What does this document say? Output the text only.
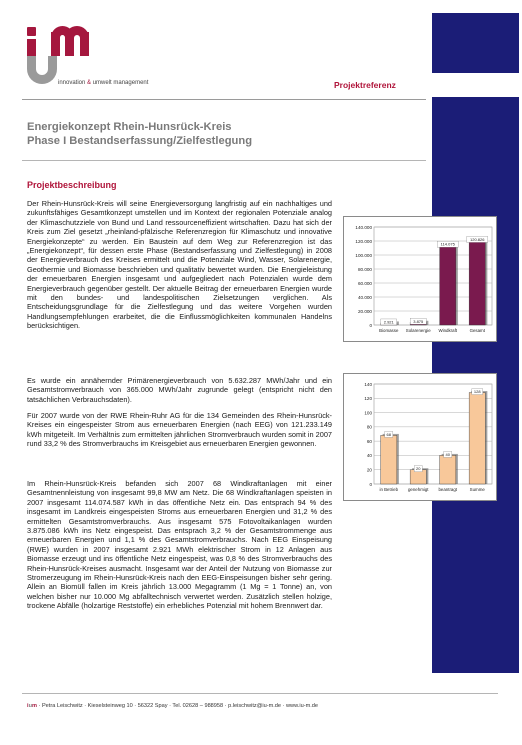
innovation & umwelt management	Projektreferenz
Energiekonzept Rhein-Hunsrück-Kreis
Phase I Bestandserfassung/Zielfestlegung
Projektbeschreibung

Der Rhein-Hunsrück-Kreis will seine Energieversorgung langfristig auf ein nachhaltiges und zukunftsfähiges Gesamtkonzept umstellen und im Kontext der regionalen Potenziale analog der Klimaschutzziele von Bund und Land ressourceneffizient wirtschaften. Dazu hat sich der Kreis zum Ziel gesetzt „rheinland-pfälzische Referenzregion für Klimaschutz und innovative Energiekonzepte“ zu werden. Ein Baustein auf dem Weg zur Referenzregion ist das „Energiekonzept“, für dessen erste Phase (Bestandserfassung und Zielfestlegung) in 2008 der Energieverbrauch des Kreises ermittelt und die Potenziale Wind, Wasser, Solarenergie, Geothermie und Biomasse beschrieben und qualitativ bewertet wurden. Die Energieleistung der erneuerbaren Energien insgesamt und aufgegliedert nach Potenzialen wurde dem Energieverbrauch gegenüber gestellt. Der aktuelle Beitrag der erneuerbaren Energien wurde mit den bundes- und landespolitischen Zielsetzungen verglichen. Als Entscheidungsgrundlage für die Zielfestlegung und das weitere Vorgehen wurden Handlungsempfehlungen erarbeitet, die die Einflussmöglichkeiten kommunalen Handelns berücksichtigen.

Es wurde ein annähernder Primärenergieverbrauch von 5.632.287 MWh/Jahr und ein Gesamtstromverbrauch von 365.000 MWh/Jahr zugrunde gelegt (entspricht nicht den tatsächlichen Verbrauchsdaten).

Für 2007 wurde von der RWE Rhein-Ruhr AG für die 134 Gemeinden des Rhein-Hunsrück-Kreises ein eingespeister Strom aus erneuerbaren Energien (nach EEG) von 121.233.149 kWh mitgeteilt. Im Verhältnis zum ermittelten jährlichen Stromverbrauch wurden somit in 2007 rund 33,2 % des Stromverbrauchs im Kreisgebiet aus erneuerbaren Energien gewonnen.

Im Rhein-Hunsrück-Kreis befanden sich 2007 68 Windkraftanlagen mit einer Gesamtnennleistung von insgesamt 99,8 MW am Netz. Die 68 Windkraftanlagen speisten in 2007 insgesamt 114.074.587 kWh in das öffentliche Netz ein. Das entsprach 94 % des insgesamt im Landkreis eingespeisten Stroms aus erneuerbaren Energien und 31,2 % des ermittelten Gesamtstromverbrauchs. Aus insgesamt 575 Fotovoltaikanlagen wurden 3.875.086 kWh ins Netz eingespeist. Das entsprach 3,2 % der Gesamtstrommenge aus erneuerbaren Energien und 1,1 % des Gesamtstromverbrauchs. Nach EEG Einspeisung (RWE) wurden in 2007 insgesamt 2.921 MWh elektrischer Strom in 12 Anlagen aus Biomasse erzeugt und ins öffentliche Netz eingespeist, was 0,8 % des Stromverbrauchs des Rhein-Hunsrück-Kreises ausmacht. Insgesamt war der Anteil der Nutzung von Biomasse zur Stromerzeugung im Rhein-Hunsrück-Kreis nach den EEG-Einspeisungen bisher sehr gering. Allein an Biomüll fallen im Kreis jährlich 13.000 Megagramm (1 Mg = 1 Tonne) an, von welchen bisher nur 10.000 Mg abfalltechnisch verwertet werden. Zusätzlich stellen holzige, trockene Abfälle (holzartige Reststoffe) ein erhebliches Potenzial mit hohem Brennwert dar.

0
20.000
40.000
60.000
80.000
100.000
120.000
140.000
2.921
Biomasse
3.875
Solarenergie
114.075
Windkraft
120.826
Gesamt
0
20
40
60
80
100
120
140
68
in Betrieb
20
genehmigt
40
beantragt
128
Summe
ium · Petra Leischwitz · Kieselsteinweg 10 · 56322 Spay · Tel. 02628 – 988958 · p.leischwitz@iu-m.de · www.iu-m.de
